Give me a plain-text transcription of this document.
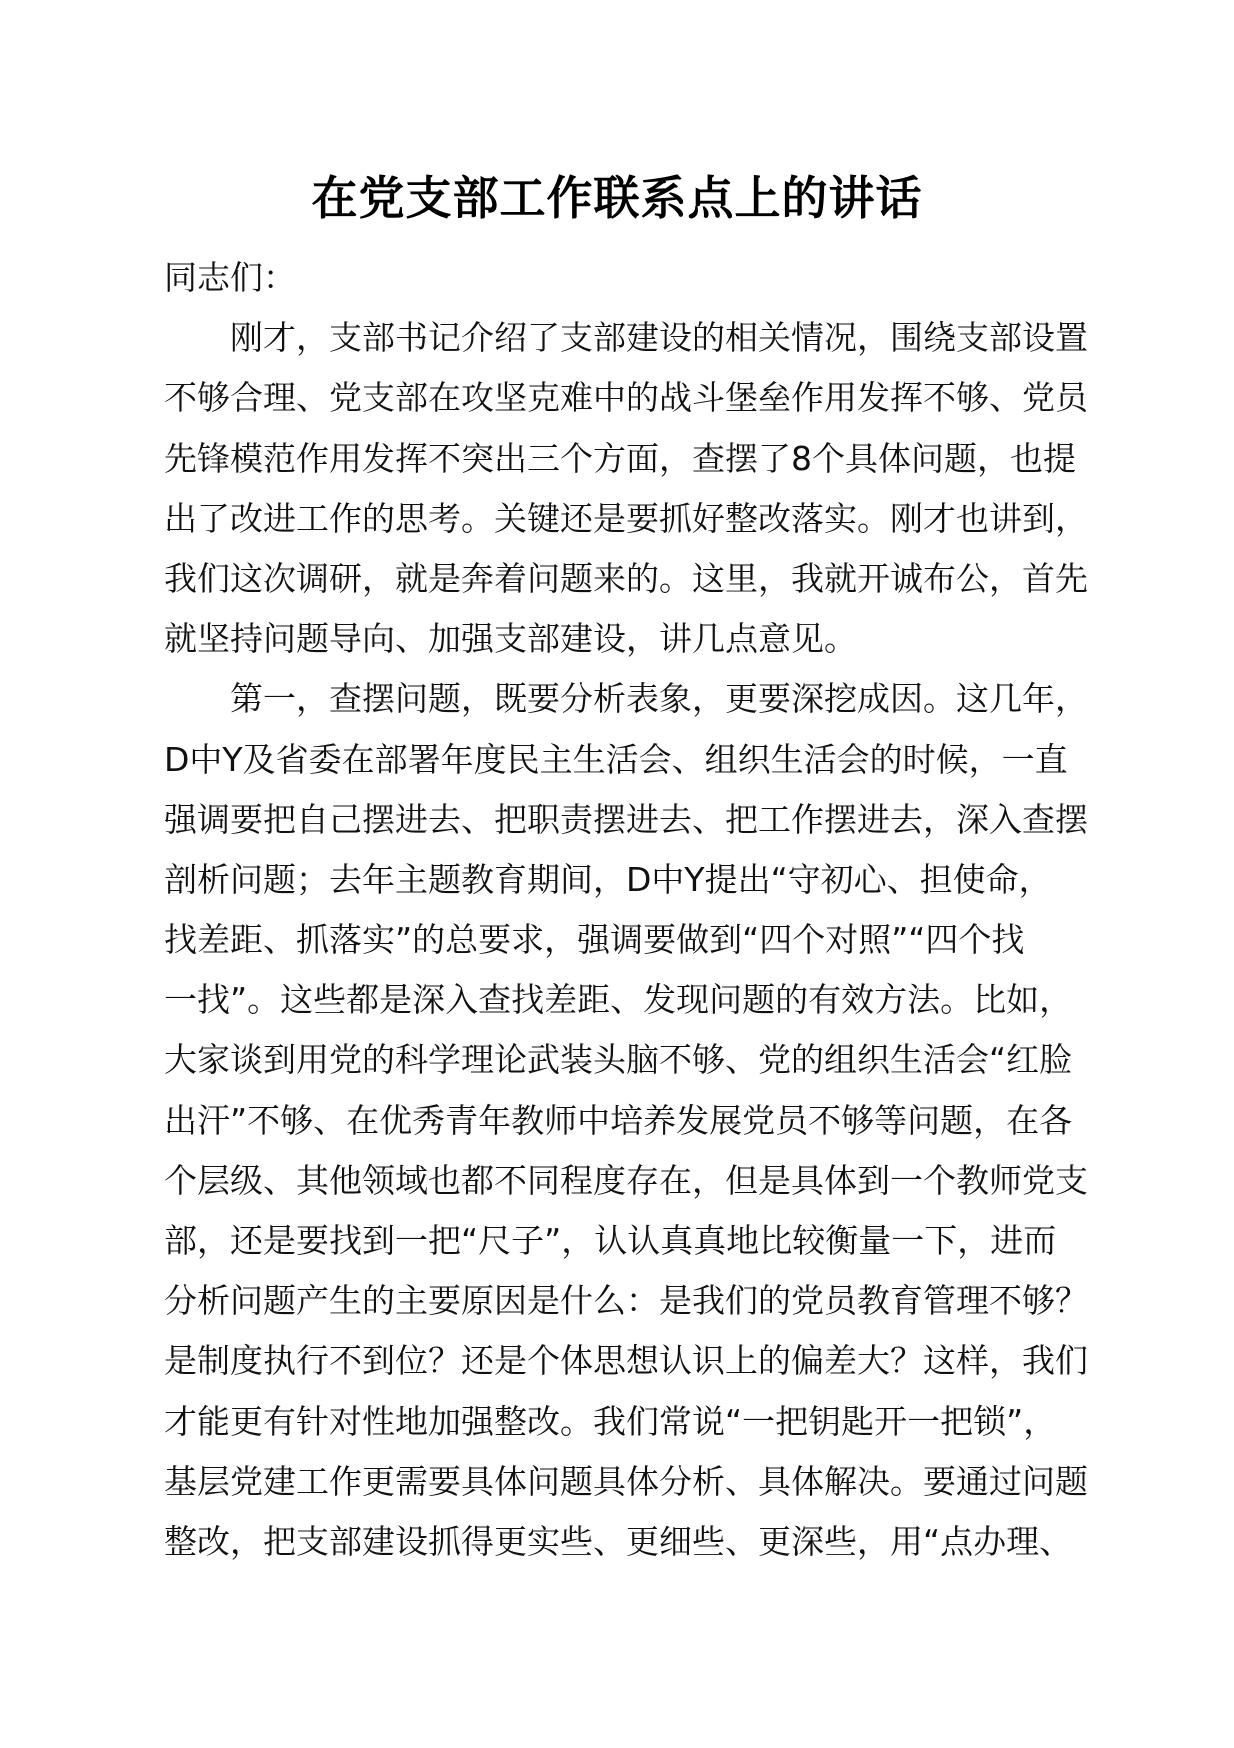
在党支部工作联系点上的讲话
同志们：
刚才，支部书记介绍了支部建设的相关情况，围绕支部设置
不够合理、党支部在攻坚克难中的战斗堡垒作用发挥不够、党员
先锋模范作用发挥不突出三个方面，查摆了8个具体问题，也提
出了改进工作的思考。关键还是要抓好整改落实。刚才也讲到，
我们这次调研，就是奔着问题来的。这里，我就开诚布公，首先
就坚持问题导向、加强支部建设，讲几点意见。
第一，查摆问题，既要分析表象，更要深挖成因。这几年，
D中Y及省委在部署年度民主生活会、组织生活会的时候，一直
强调要把自己摆进去、把职责摆进去、把工作摆进去，深入查摆
剖析问题；去年主题教育期间，D中Y提出“守初心、担使命，
找差距、抓落实”的总要求，强调要做到“四个对照”“四个找
一找”。这些都是深入查找差距、发现问题的有效方法。比如，
大家谈到用党的科学理论武装头脑不够、党的组织生活会“红脸
出汗”不够、在优秀青年教师中培养发展党员不够等问题，在各
个层级、其他领域也都不同程度存在，但是具体到一个教师党支
部，还是要找到一把“尺子”，认认真真地比较衡量一下，进而
分析问题产生的主要原因是什么：是我们的党员教育管理不够？
是制度执行不到位？还是个体思想认识上的偏差大？这样，我们
才能更有针对性地加强整改。我们常说“一把钥匙开一把锁”，
基层党建工作更需要具体问题具体分析、具体解决。要通过问题
整改，把支部建设抓得更实些、更细些、更深些，用“点办理、
